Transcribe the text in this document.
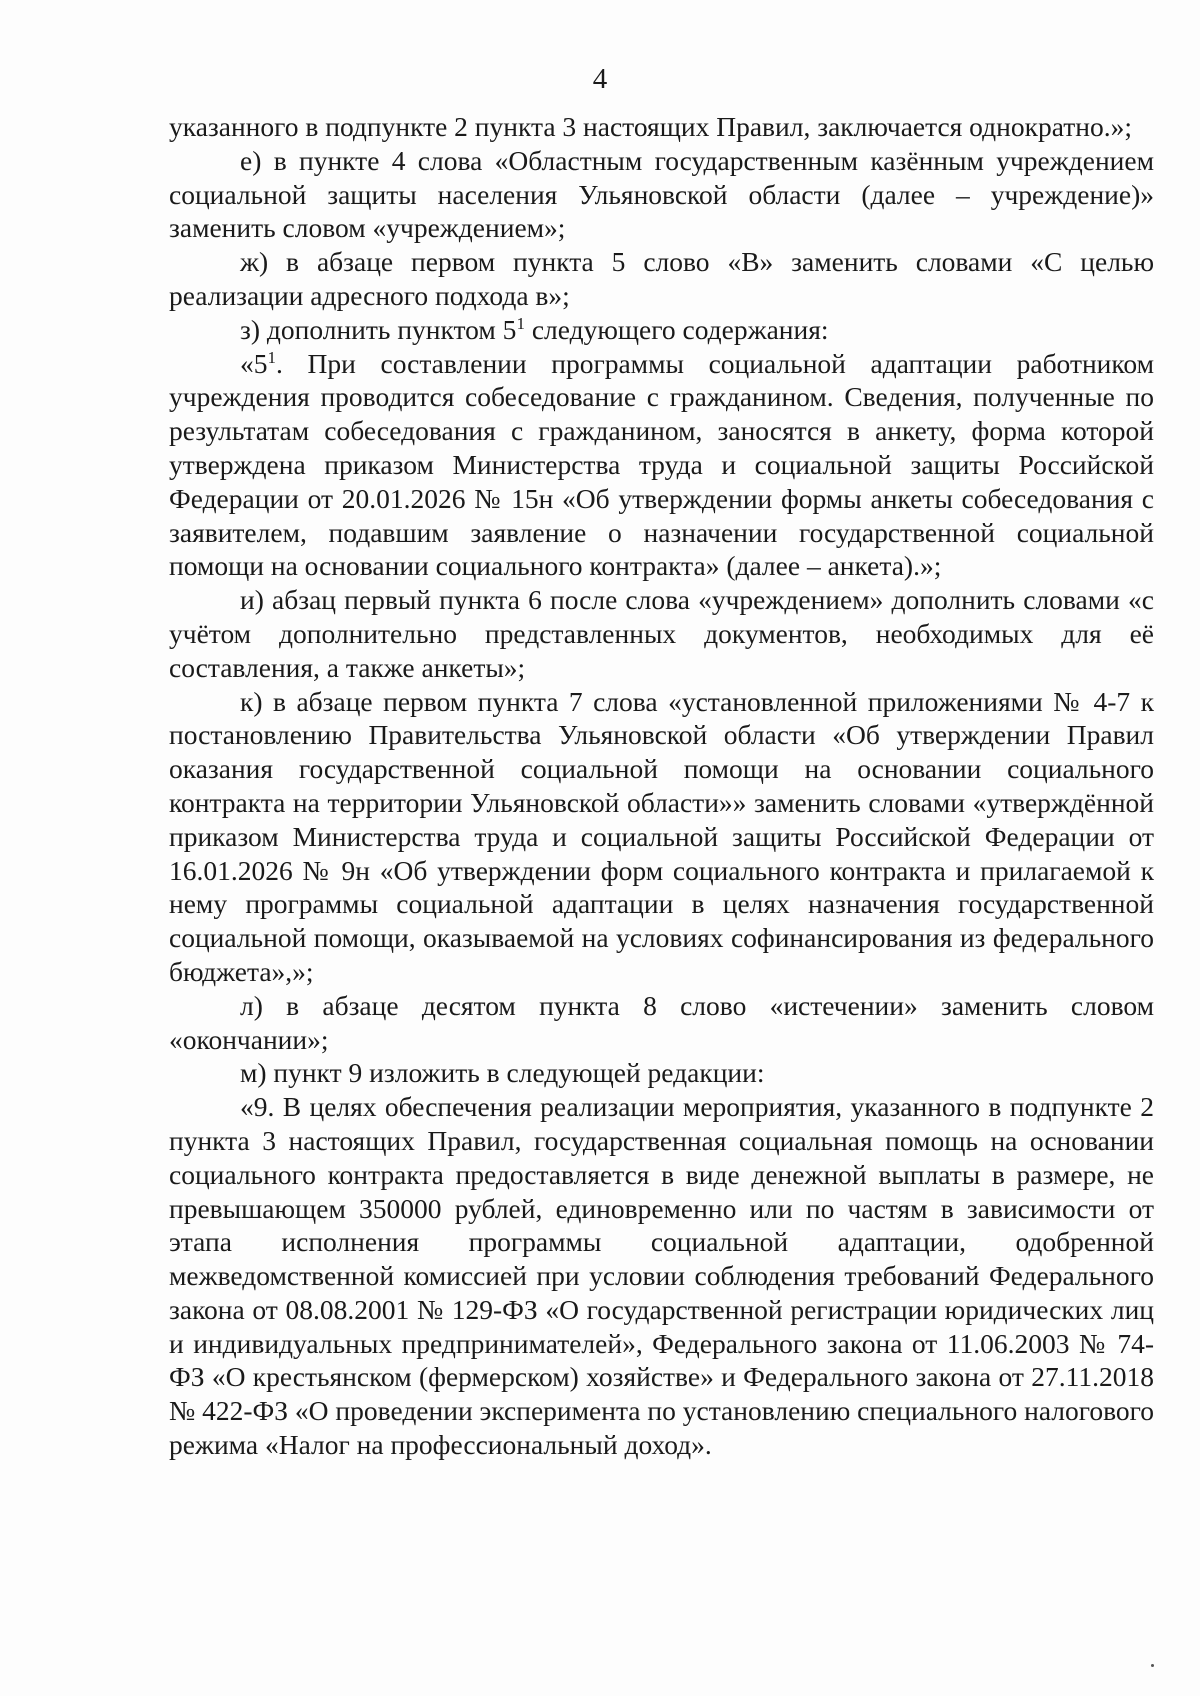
4

указанного в подпункте 2 пункта 3 настоящих Правил, заключается однократно.»;

е) в пункте 4 слова «Областным государственным казённым учреждением социальной защиты населения Ульяновской области (далее – учреждение)» заменить словом «учреждением»;

ж) в абзаце первом пункта 5 слово «В» заменить словами «С целью реализации адресного подхода в»;

з) дополнить пунктом $5^1$ следующего содержания:

«$5^1$. При составлении программы социальной адаптации работником учреждения проводится собеседование с гражданином. Сведения, полученные по результатам собеседования с гражданином, заносятся в анкету, форма которой утверждена приказом Министерства труда и социальной защиты Российской Федерации от 20.01.2026 № 15н «Об утверждении формы анкеты собеседования с заявителем, подавшим заявление о назначении государственной социальной помощи на основании социального контракта» (далее – анкета).»;

и) абзац первый пункта 6 после слова «учреждением» дополнить словами «с учётом дополнительно представленных документов, необходимых для её составления, а также анкеты»;

к) в абзаце первом пункта 7 слова «установленной приложениями № 4-7 к постановлению Правительства Ульяновской области «Об утверждении Правил оказания государственной социальной помощи на основании социального контракта на территории Ульяновской области»» заменить словами «утверждённой приказом Министерства труда и социальной защиты Российской Федерации от 16.01.2026 № 9н «Об утверждении форм социального контракта и прилагаемой к нему программы социальной адаптации в целях назначения государственной социальной помощи, оказываемой на условиях софинансирования из федерального бюджета»,»;

л) в абзаце десятом пункта 8 слово «истечении» заменить словом «окончании»;

м) пункт 9 изложить в следующей редакции:

«9. В целях обеспечения реализации мероприятия, указанного в подпункте 2 пункта 3 настоящих Правил, государственная социальная помощь на основании социального контракта предоставляется в виде денежной выплаты в размере, не превышающем 350000 рублей, единовременно или по частям в зависимости от этапа исполнения программы социальной адаптации, одобренной межведомственной комиссией при условии соблюдения требований Федерального закона от 08.08.2001 № 129-ФЗ «О государственной регистрации юридических лиц и индивидуальных предпринимателей», Федерального закона от 11.06.2003 № 74-ФЗ «О крестьянском (фермерском) хозяйстве» и Федерального закона от 27.11.2018 № 422-ФЗ «О проведении эксперимента по установлению специального налогового режима «Налог на профессиональный доход».
